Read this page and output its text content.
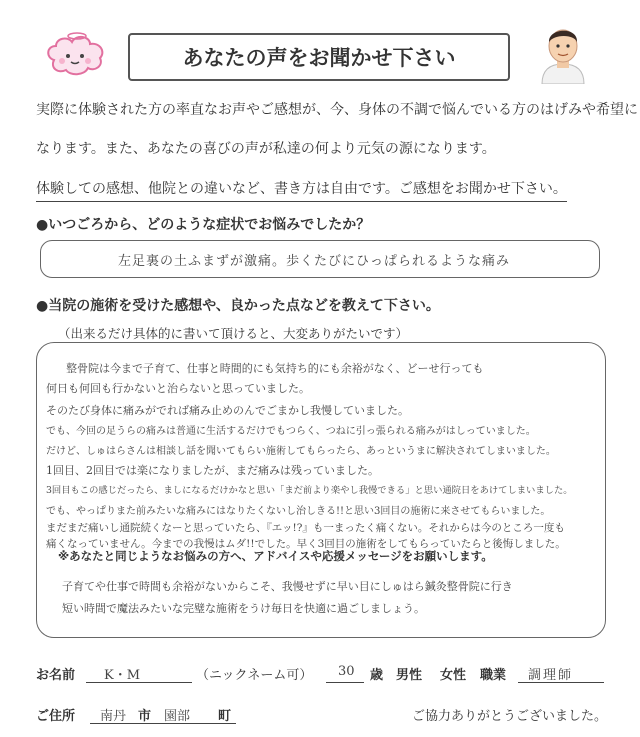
あなたの声をお聞かせ下さい
実際に体験された方の率直なお声やご感想が、今、身体の不調で悩んでいる方のはげみや希望に
なります。また、あなたの喜びの声が私達の何より元気の源になります。
体験しての感想、他院との違いなど、書き方は自由です。ご感想をお聞かせ下さい。
●いつごろから、どのような症状でお悩みでしたか？
左足裏の土ふまずが激痛。歩くたびにひっぱられるような痛み
●当院の施術を受けた感想や、良かった点などを教えて下さい。
（出来るだけ具体的に書いて頂けると、大変ありがたいです）
整骨院は今まで子育て、仕事と時間的にも気持ち的にも余裕がなく、どーせ行っても
何日も何回も行かないと治らないと思っていました。
そのたび身体に痛みがでれば痛み止めのんでごまかし我慢していました。
でも、今回の足うらの痛みは普通に生活するだけでもつらく、つねに引っ張られる痛みがはしっていました。
だけど、しゅはらさんは相談し話を聞いてもらい施術してもらったら、あっというまに解決されてしまいました。
1回目、2回目では楽になりましたが、まだ痛みは残っていました。
3回目もこの感じだったら、ましになるだけかなと思い「まだ前より楽やし我慢できる」と思い通院日をあけてしまいました。
でも、やっぱりまた前みたいな痛みにはなりたくないし治しきる!!と思い3回目の施術に来させてもらいました。
まだまだ痛いし通院続くなーと思っていたら、『エッ!?』も一まったく痛くない。それからは今のところ一度も
痛くなっていません。今までの我慢はムダ!!でした。早く3回目の施術をしてもらっていたらと後悔しました。
※あなたと同じようなお悩みの方へ、アドバイスや応援メッセージをお願いします。
子育てや仕事で時間も余裕がないからこそ、我慢せずに早い目にしゅはら鍼灸整骨院に行き
短い時間で魔法みたいな完璧な施術をうけ毎日を快適に過ごしましょう。
お名前 K・M	（ニックネーム可） 30 歳 男性 女性 職業 調理師
ご住所 南丹 市 園部 町	ご協力ありがとうございました。
